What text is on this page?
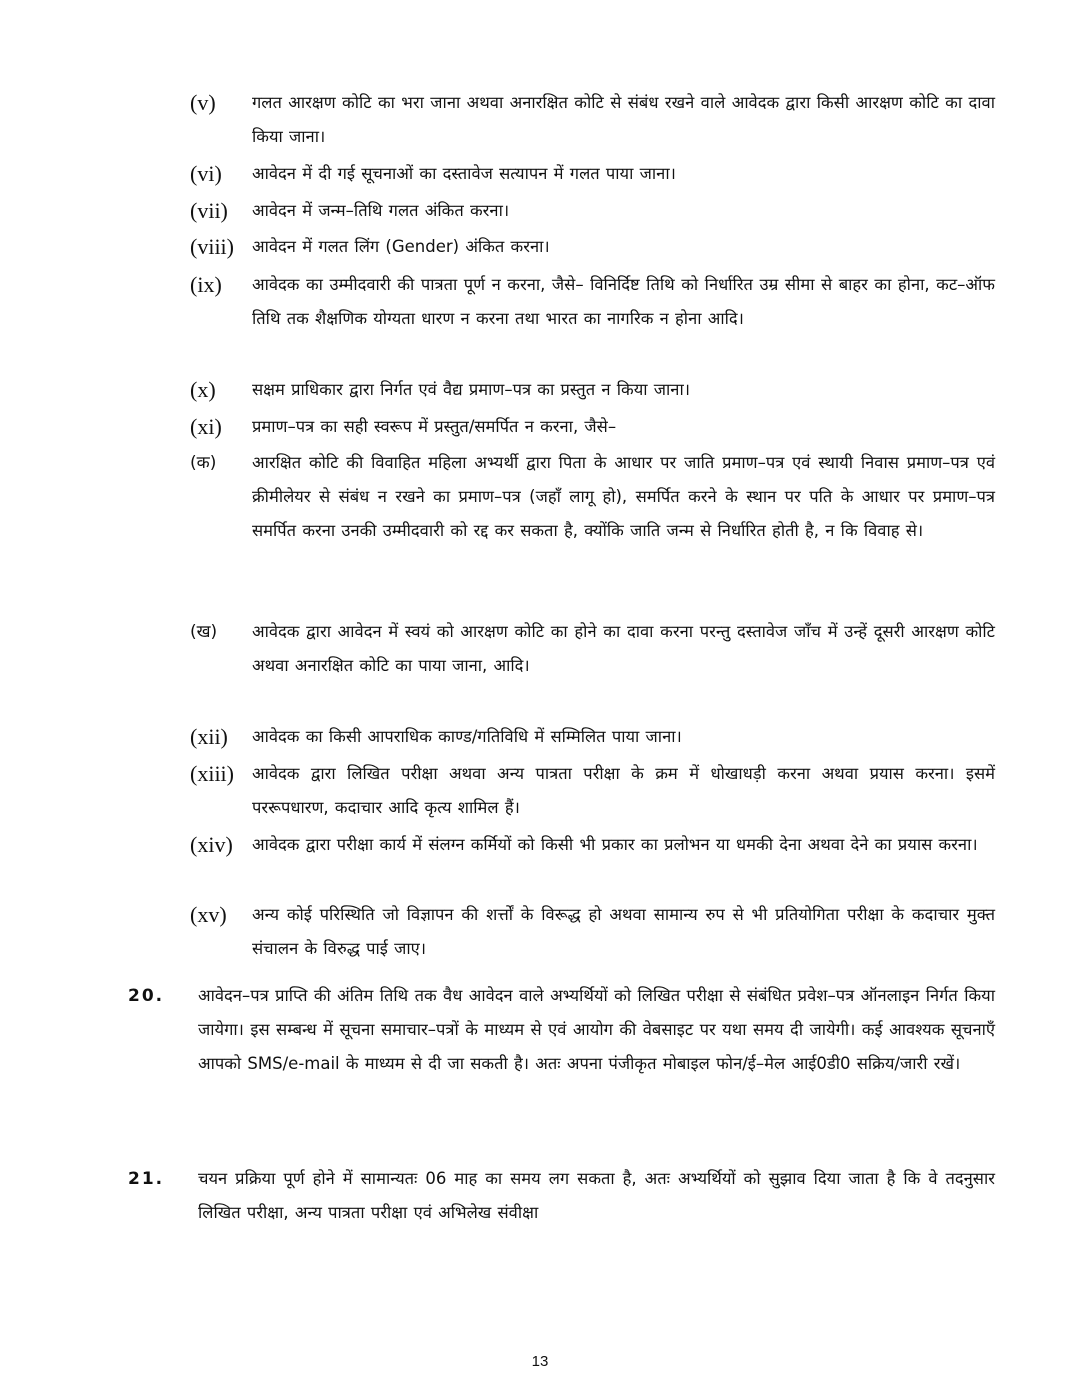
(v)	गलत आरक्षण कोटि का भरा जाना अथवा अनारक्षित कोटि से संबंध रखने वाले आवेदक द्वारा किसी आरक्षण कोटि का दावा किया जाना।
(vi)	आवेदन में दी गई सूचनाओं का दस्तावेज सत्यापन में गलत पाया जाना।
(vii)	आवेदन में जन्म–तिथि गलत अंकित करना।
(viii)	आवेदन में गलत लिंग (Gender) अंकित करना।
(ix)	आवेदक का उम्मीदवारी की पात्रता पूर्ण न करना, जैसे– विनिर्दिष्ट तिथि को निर्धारित उम्र सीमा से बाहर का होना, कट–ऑफ तिथि तक शैक्षणिक योग्यता धारण न करना तथा भारत का नागरिक न होना आदि।
(x)	सक्षम प्राधिकार द्वारा निर्गत एवं वैद्य प्रमाण–पत्र का प्रस्तुत न किया जाना।
(xi)	प्रमाण–पत्र का सही स्वरूप में प्रस्तुत/समर्पित न करना, जैसे–
(क)	आरक्षित कोटि की विवाहित महिला अभ्यर्थी द्वारा पिता के आधार पर जाति प्रमाण–पत्र एवं स्थायी निवास प्रमाण–पत्र एवं क्रीमीलेयर से संबंध न रखने का प्रमाण–पत्र (जहाँ लागू हो), समर्पित करने के स्थान पर पति के आधार पर प्रमाण–पत्र समर्पित करना उनकी उम्मीदवारी को रद्द कर सकता है, क्योंकि जाति जन्म से निर्धारित होती है, न कि विवाह से।
(ख)	आवेदक द्वारा आवेदन में स्वयं को आरक्षण कोटि का होने का दावा करना परन्तु दस्तावेज जाँच में उन्हें दूसरी आरक्षण कोटि अथवा अनारक्षित कोटि का पाया जाना, आदि।
(xii)	आवेदक का किसी आपराधिक काण्ड/गतिविधि में सम्मिलित पाया जाना।
(xiii)	आवेदक द्वारा लिखित परीक्षा अथवा अन्य पात्रता परीक्षा के क्रम में धोखाधड़ी करना अथवा प्रयास करना। इसमें पररूपधारण, कदाचार आदि कृत्य शामिल हैं।
(xiv)	आवेदक द्वारा परीक्षा कार्य में संलग्न कर्मियों को किसी भी प्रकार का प्रलोभन या धमकी देना अथवा देने का प्रयास करना।
(xv)	अन्य कोई परिस्थिति जो विज्ञापन की शर्त्तों के विरूद्ध हो अथवा सामान्य रुप से भी प्रतियोगिता परीक्षा के कदाचार मुक्त संचालन के विरुद्ध पाई जाए।
20.	आवेदन–पत्र प्राप्ति की अंतिम तिथि तक वैध आवेदन वाले अभ्यर्थियों को लिखित परीक्षा से संबंधित प्रवेश–पत्र ऑनलाइन निर्गत किया जायेगा। इस सम्बन्ध में सूचना समाचार–पत्रों के माध्यम से एवं आयोग की वेबसाइट पर यथा समय दी जायेगी। कई आवश्यक सूचनाएँ आपको SMS/e-mail के माध्यम से दी जा सकती है। अतः अपना पंजीकृत मोबाइल फोन/ई–मेल आई0डी0 सक्रिय/जारी रखें।
21.	चयन प्रक्रिया पूर्ण होने में सामान्यतः 06 माह का समय लग सकता है, अतः अभ्यर्थियों को सुझाव दिया जाता है कि वे तदनुसार लिखित परीक्षा, अन्य पात्रता परीक्षा एवं अभिलेख संवीक्षा
13
